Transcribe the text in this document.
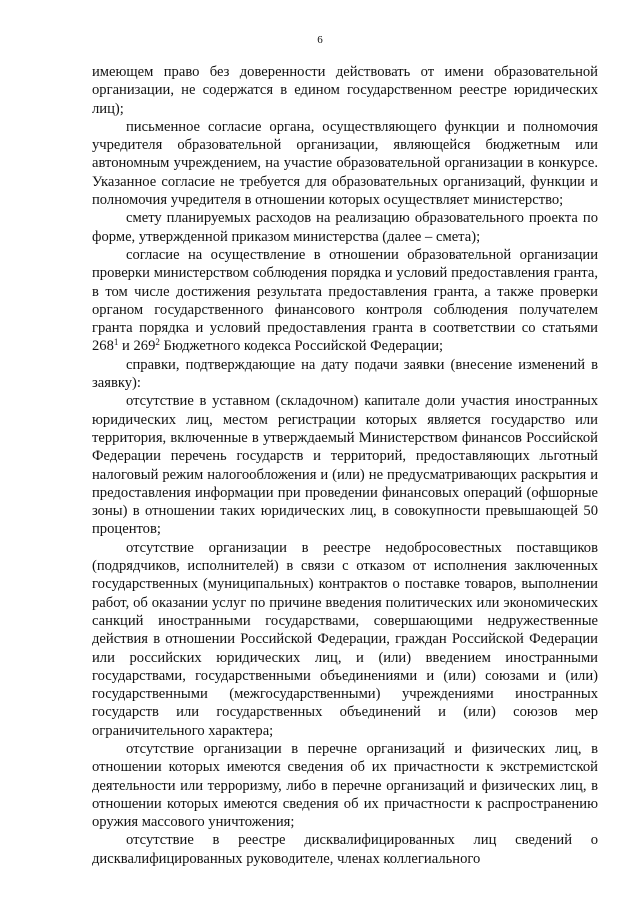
6

имеющем право без доверенности действовать от имени образовательной организации, не содержатся в едином государственном реестре юридических лиц);

письменное согласие органа, осуществляющего функции и полномочия учредителя образовательной организации, являющейся бюджетным или автономным учреждением, на участие образовательной организации в конкурсе. Указанное согласие не требуется для образовательных организаций, функции и полномочия учредителя в отношении которых осуществляет министерство;

смету планируемых расходов на реализацию образовательного проекта по форме, утвержденной приказом министерства (далее – смета);

согласие на осуществление в отношении образовательной организации проверки министерством соблюдения порядка и условий предоставления гранта, в том числе достижения результата предоставления гранта, а также проверки органом государственного финансового контроля соблюдения получателем гранта порядка и условий предоставления гранта в соответствии со статьями $268^1$ и $269^2$ Бюджетного кодекса Российской Федерации;

справки, подтверждающие на дату подачи заявки (внесение изменений в заявку):

отсутствие в уставном (складочном) капитале доли участия иностранных юридических лиц, местом регистрации которых является государство или территория, включенные в утверждаемый Министерством финансов Российской Федерации перечень государств и территорий, предоставляющих льготный налоговый режим налогообложения и (или) не предусматривающих раскрытия и предоставления информации при проведении финансовых операций (офшорные зоны) в отношении таких юридических лиц, в совокупности превышающей 50 процентов;

отсутствие организации в реестре недобросовестных поставщиков (подрядчиков, исполнителей) в связи с отказом от исполнения заключенных государственных (муниципальных) контрактов о поставке товаров, выполнении работ, об оказании услуг по причине введения политических или экономических санкций иностранными государствами, совершающими недружественные действия в отношении Российской Федерации, граждан Российской Федерации или российских юридических лиц, и (или) введением иностранными государствами, государственными объединениями и (или) союзами и (или) государственными (межгосударственными) учреждениями иностранных государств или государственных объединений и (или) союзов мер ограничительного характера;

отсутствие организации в перечне организаций и физических лиц, в отношении которых имеются сведения об их причастности к экстремистской деятельности или терроризму, либо в перечне организаций и физических лиц, в отношении которых имеются сведения об их причастности к распространению оружия массового уничтожения;

отсутствие в реестре дисквалифицированных лиц сведений о дисквалифицированных руководителе, членах коллегиального
